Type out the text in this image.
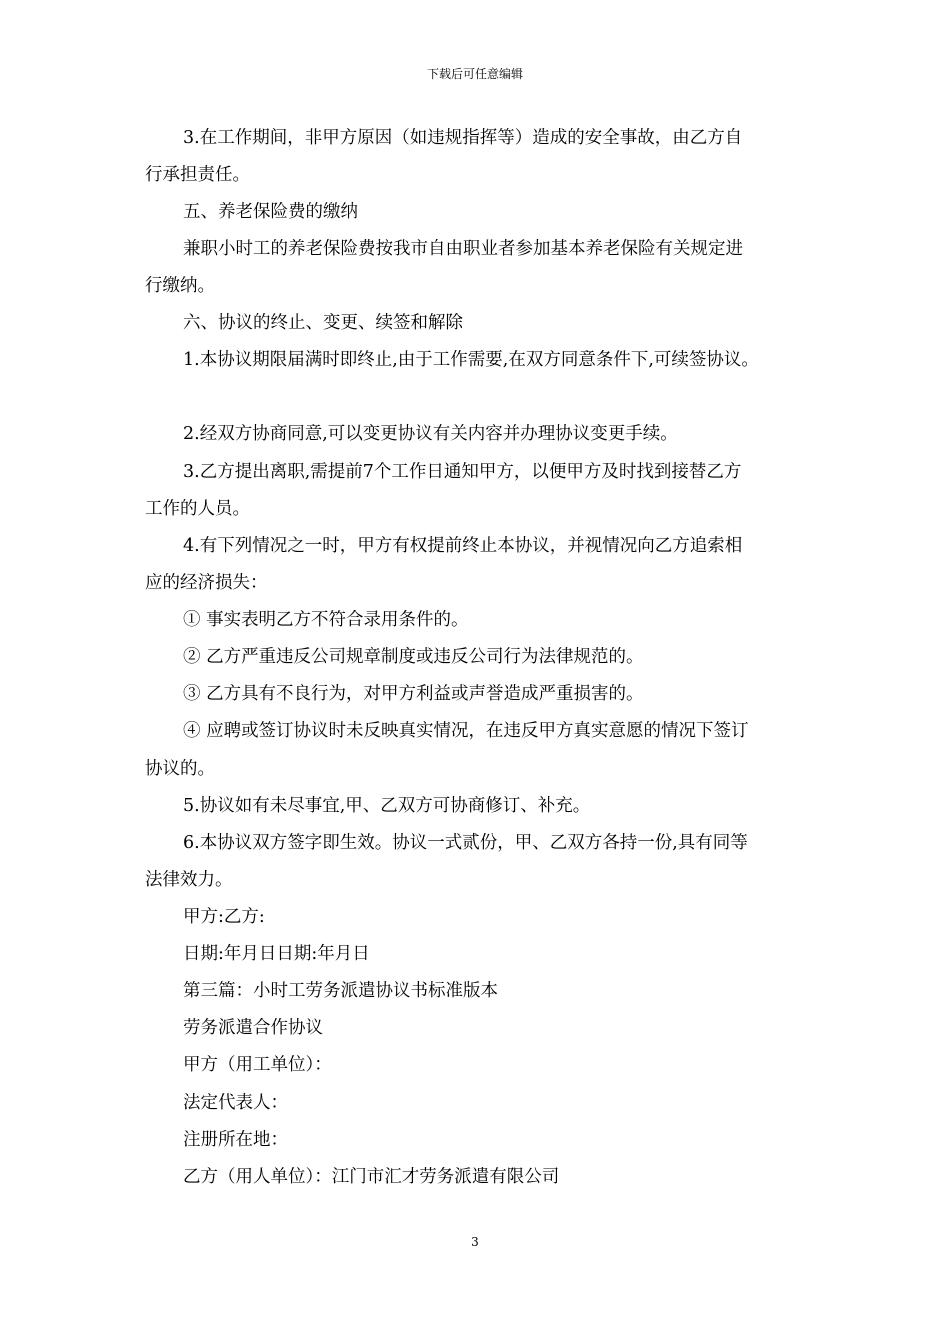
下载后可任意编辑
3.在工作期间，非甲方原因（如违规指挥等）造成的安全事故，由乙方自
行承担责任。
五、养老保险费的缴纳
兼职小时工的养老保险费按我市自由职业者参加基本养老保险有关规定进
行缴纳。
六、协议的终止、变更、续签和解除
1.本协议期限届满时即终止,由于工作需要,在双方同意条件下,可续签协议。
2.经双方协商同意,可以变更协议有关内容并办理协议变更手续。
3.乙方提出离职,需提前7个工作日通知甲方，以便甲方及时找到接替乙方
工作的人员。
4.有下列情况之一时，甲方有权提前终止本协议，并视情况向乙方追索相
应的经济损失：
① 事实表明乙方不符合录用条件的。
② 乙方严重违反公司规章制度或违反公司行为法律规范的。
③ 乙方具有不良行为，对甲方利益或声誉造成严重损害的。
④ 应聘或签订协议时未反映真实情况，在违反甲方真实意愿的情况下签订
协议的。
5.协议如有未尽事宜,甲、乙双方可协商修订、补充。
6.本协议双方签字即生效。协议一式贰份，甲、乙双方各持一份,具有同等
法律效力。
甲方:乙方:
日期:年月日日期:年月日
第三篇：小时工劳务派遣协议书标准版本
劳务派遣合作协议
甲方（用工单位）：
法定代表人：
注册所在地：
乙方（用人单位）：江门市汇才劳务派遣有限公司
3
